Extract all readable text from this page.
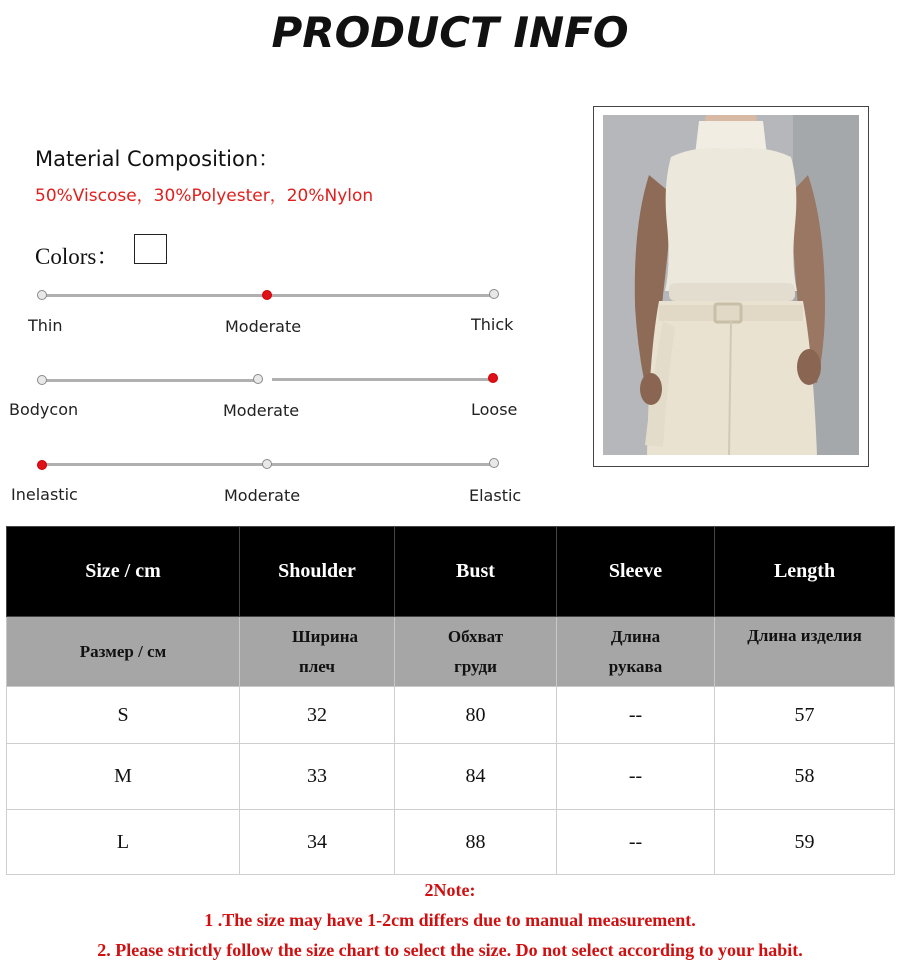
PRODUCT INFO
Material Composition：
50%Viscose，30%Polyester，20%Nylon
Colors：
Thin	Moderate	Thick
Bodycon	Moderate	Loose
Inelastic	Moderate	Elastic
Size / cm	Shoulder	Bust	Sleeve	Length
Размер / см	Ширина плеч	Обхват груди	Длина рукава	Длина изделия
S	32	80	--	57
M	33	84	--	58
L	34	88	--	59
2Note:
1 .The size may have 1-2cm differs due to manual measurement.
2. Please strictly follow the size chart to select the size. Do not select according to your habit.
